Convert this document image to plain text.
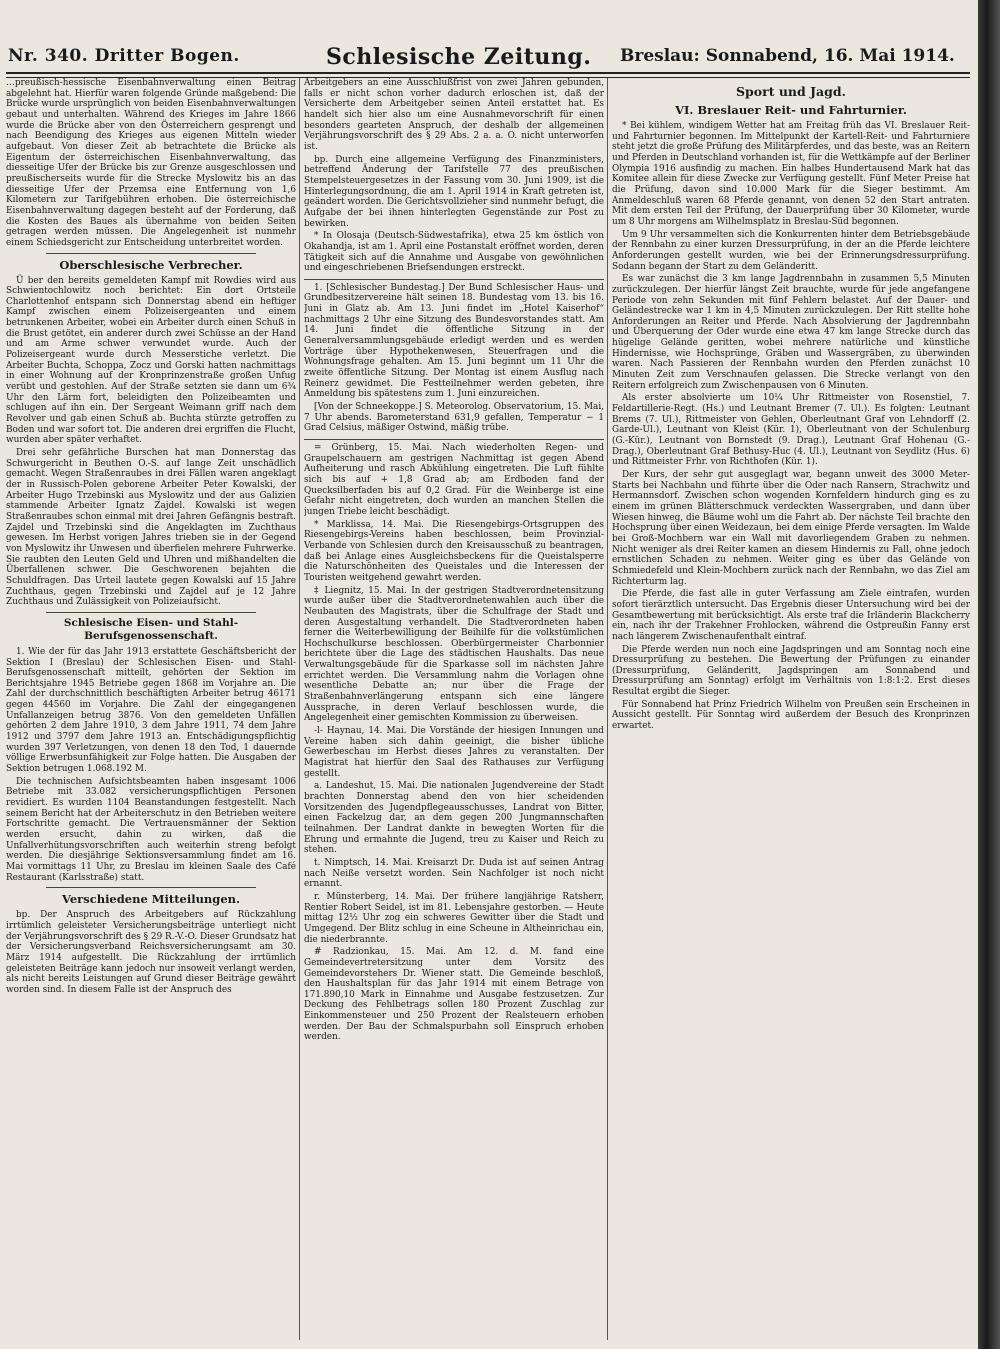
Nr. 340. Dritter Bogen.	Schlesische Zeitung. Breslau: Sonnabend, 16. Mai 1914.

…preußisch-hessische Eisenbahnverwaltung einen Beitrag abgelehnt hat. Hierfür waren folgende Gründe maßgebend: Die Brücke wurde ursprünglich von beiden Eisenbahnverwaltungen gebaut und unterhalten. Während des Krieges im Jahre 1866 wurde die Brücke aber von den Österreichern gesprengt und nach Beendigung des Krieges aus eigenen Mitteln wieder aufgebaut. Von dieser Zeit ab betrachtete die Brücke als Eigentum der österreichischen Eisenbahnverwaltung, das diesseitige Ufer der Brücke bis zur Grenze ausgeschlossen und preußischerseits wurde für die Strecke Myslowitz bis an das diesseitige Ufer der Przemsa eine Entfernung von 1,6 Kilometern zur Tarifgebühren erhoben. Die österreichische Eisenbahnverwaltung dagegen besteht auf der Forderung, daß die Kosten des Baues als übernahme von beiden Seiten getragen werden müssen. Die Angelegenheit ist nunmehr einem Schiedsgericht zur Entscheidung unterbreitet worden.

Oberschlesische Verbrecher.

Ü ber den bereits gemeldeten Kampf mit Rowdies wird aus Schwientochlowitz noch berichtet: Ein dort Ortsteile Charlottenhof entspann sich Donnerstag abend ein heftiger Kampf zwischen einem Polizeisergeanten und einem betrunkenen Arbeiter, wobei ein Arbeiter durch einen Schuß in die Brust getötet, ein anderer durch zwei Schüsse an der Hand und am Arme schwer verwundet wurde. Auch der Polizeisergeant wurde durch Messerstiche verletzt. Die Arbeiter Buchta, Schoppa, Zocz und Gorski hatten nachmittags in einer Wohnung auf der Kronprinzenstraße großen Unfug verübt und gestohlen. Auf der Straße setzten sie dann um 6¾ Uhr den Lärm fort, beleidigten den Polizeibeamten und schlugen auf ihn ein. Der Sergeant Weimann griff nach dem Revolver und gab einen Schuß ab. Buchta stürzte getroffen zu Boden und war sofort tot. Die anderen drei ergriffen die Flucht, wurden aber später verhaftet.

Drei sehr gefährliche Burschen hat man Donnerstag das Schwurgericht in Beuthen O.-S. auf lange Zeit unschädlich gemacht. Wegen Straßenraubes in drei Fällen waren angeklagt der in Russisch-Polen geborene Arbeiter Peter Kowalski, der Arbeiter Hugo Trzebinski aus Myslowitz und der aus Galizien stammende Arbeiter Ignatz Zajdel. Kowalski ist wegen Straßenraubes schon einmal mit drei Jahren Gefängnis bestraft. Zajdel und Trzebinski sind die Angeklagten im Zuchthaus gewesen. Im Herbst vorigen Jahres trieben sie in der Gegend von Myslowitz ihr Unwesen und überfielen mehrere Fuhrwerke. Sie raubten den Leuten Geld und Uhren und mißhandelten die Überfallenen schwer. Die Geschworenen bejahten die Schuldfragen. Das Urteil lautete gegen Kowalski auf 15 Jahre Zuchthaus, gegen Trzebinski und Zajdel auf je 12 Jahre Zuchthaus und Zulässigkeit von Polizeiaufsicht.

Schlesische Eisen- und Stahl-Berufsgenossenschaft.

1. Wie der für das Jahr 1913 erstattete Geschäftsbericht der Sektion I (Breslau) der Schlesischen Eisen- und Stahl-Berufsgenossenschaft mitteilt, gehörten der Sektion im Berichtsjahre 1945 Betriebe gegen 1868 im Vorjahre an. Die Zahl der durchschnittlich beschäftigten Arbeiter betrug 46171 gegen 44560 im Vorjahre. Die Zahl der eingegangenen Unfallanzeigen betrug 3876. Von den gemeldeten Unfällen gehörten 2 dem Jahre 1910, 3 dem Jahre 1911, 74 dem Jahre 1912 und 3797 dem Jahre 1913 an. Entschädigungspflichtig wurden 397 Verletzungen, von denen 18 den Tod, 1 dauernde völlige Erwerbsunfähigkeit zur Folge hatten. Die Ausgaben der Sektion betrugen 1.068.192 M.

Die technischen Aufsichtsbeamten haben insgesamt 1006 Betriebe mit 33.082 versicherungspflichtigen Personen revidiert. Es wurden 1104 Beanstandungen festgestellt. Nach seinem Bericht hat der Arbeiterschutz in den Betrieben weitere Fortschritte gemacht. Die Vertrauensmänner der Sektion werden ersucht, dahin zu wirken, daß die Unfallverhütungsvorschriften auch weiterhin streng befolgt werden. Die diesjährige Sektionsversammlung findet am 16. Mai vormittags 11 Uhr, zu Breslau im kleinen Saale des Café Restaurant (Karlsstraße) statt.

Verschiedene Mitteilungen.

bp. Der Anspruch des Arbeitgebers auf Rückzahlung irrtümlich geleisteter Versicherungsbeiträge unterliegt nicht der Verjährungsvorschrift des § 29 R.-V.-O. Dieser Grundsatz hat der Versicherungsverband Reichsversicherungsamt am 30. März 1914 aufgestellt. Die Rückzahlung der irrtümlich geleisteten Beiträge kann jedoch nur insoweit verlangt werden, als nicht bereits Leistungen auf Grund dieser Beiträge gewährt worden sind. In diesem Falle ist der Anspruch des

Arbeitgebers an eine Ausschlußfrist von zwei Jahren gebunden, falls er nicht schon vorher dadurch erloschen ist, daß der Versicherte dem Arbeitgeber seinen Anteil erstattet hat. Es handelt sich hier also um eine Ausnahmevorschrift für einen besonders gearteten Anspruch, der deshalb der allgemeinen Verjährungsvorschrift des § 29 Abs. 2 a. a. O. nicht unterworfen ist.

bp. Durch eine allgemeine Verfügung des Finanzministers, betreffend Änderung der Tarifstelle 77 des preußischen Stempelsteuergesetzes in der Fassung vom 30. Juni 1909, ist die Hinterlegungsordnung, die am 1. April 1914 in Kraft getreten ist, geändert worden. Die Gerichtsvollzieher sind nunmehr befugt, die Aufgabe der bei ihnen hinterlegten Gegenstände zur Post zu bewirken.

* In Olosaja (Deutsch-Südwestafrika), etwa 25 km östlich von Okahandja, ist am 1. April eine Postanstalt eröffnet worden, deren Tätigkeit sich auf die Annahme und Ausgabe von gewöhnlichen und eingeschriebenen Briefsendungen erstreckt.

1. [Schlesischer Bundestag.] Der Bund Schlesischer Haus- und Grundbesitzervereine hält seinen 18. Bundestag vom 13. bis 16. Juni in Glatz ab. Am 13. Juni findet im „Hotel Kaiserhof“ nachmittags 2 Uhr eine Sitzung des Bundesvorstandes statt. Am 14. Juni findet die öffentliche Sitzung in der Generalversammlungsgebäude erledigt werden und es werden Vorträge über Hypothekenwesen, Steuerfragen und die Wohnungsfrage gehalten. Am 15. Juni beginnt um 11 Uhr die zweite öffentliche Sitzung. Der Montag ist einem Ausflug nach Reinerz gewidmet. Die Festteilnehmer werden gebeten, ihre Anmeldung bis spätestens zum 1. Juni einzureichen.

[Von der Schneekoppe.] S. Meteorolog. Observatorium, 15. Mai, 7 Uhr abends. Barometerstand 631,9 gefallen, Temperatur − 1 Grad Celsius, mäßiger Ostwind, mäßig trübe.

= Grünberg, 15. Mai. Nach wiederholten Regen- und Graupelschauern am gestrigen Nachmittag ist gegen Abend Aufheiterung und rasch Abkühlung eingetreten. Die Luft fühlte sich bis auf + 1,8 Grad ab; am Erdboden fand der Quecksilberfaden bis auf 0,2 Grad. Für die Weinberge ist eine Gefahr nicht eingetreten, doch wurden an manchen Stellen die jungen Triebe leicht beschädigt.

* Marklissa, 14. Mai. Die Riesengebirgs-Ortsgruppen des Riesengebirgs-Vereins haben beschlossen, beim Provinzial-Verbande von Schlesien durch den Kreisausschuß zu beantragen, daß bei Anlage eines Ausgleichsbeckens für die Queistalsperre die Naturschönheiten des Queistales und die Interessen der Touristen weitgehend gewahrt werden.

‡ Liegnitz, 15. Mai. In der gestrigen Stadtverordnetensitzung wurde außer über die Stadtverordnetenwahlen auch über die Neubauten des Magistrats, über die Schulfrage der Stadt und deren Ausgestaltung verhandelt. Die Stadtverordneten haben ferner die Weiterbewilligung der Beihilfe für die volkstümlichen Hochschulkurse beschlossen. Oberbürgermeister Charbonnier berichtete über die Lage des städtischen Haushalts. Das neue Verwaltungsgebäude für die Sparkasse soll im nächsten Jahre errichtet werden. Die Versammlung nahm die Vorlagen ohne wesentliche Debatte an; nur über die Frage der Straßenbahnverlängerung entspann sich eine längere Aussprache, in deren Verlauf beschlossen wurde, die Angelegenheit einer gemischten Kommission zu überweisen.

-l- Haynau, 14. Mai. Die Vorstände der hiesigen Innungen und Vereine haben sich dahin geeinigt, die bisher übliche Gewerbeschau im Herbst dieses Jahres zu veranstalten. Der Magistrat hat hierfür den Saal des Rathauses zur Verfügung gestellt.

a. Landeshut, 15. Mai. Die nationalen Jugendvereine der Stadt brachten Donnerstag abend den von hier scheidenden Vorsitzenden des Jugendpflegeausschusses, Landrat von Bitter, einen Fackelzug dar, an dem gegen 200 Jungmannschaften teilnahmen. Der Landrat dankte in bewegten Worten für die Ehrung und ermahnte die Jugend, treu zu Kaiser und Reich zu stehen.

t. Nimptsch, 14. Mai. Kreisarzt Dr. Duda ist auf seinen Antrag nach Neiße versetzt worden. Sein Nachfolger ist noch nicht ernannt.

r. Münsterberg, 14. Mai. Der frühere langjährige Ratsherr, Rentier Robert Seidel, ist im 81. Lebensjahre gestorben. — Heute mittag 12½ Uhr zog ein schweres Gewitter über die Stadt und Umgegend. Der Blitz schlug in eine Scheune in Altheinrichau ein, die niederbrannte.

# Radzionkau, 15. Mai. Am 12. d. M. fand eine Gemeindevertretersitzung unter dem Vorsitz des Gemeindevorstehers Dr. Wiener statt. Die Gemeinde beschloß, den Haushaltsplan für das Jahr 1914 mit einem Betrage von 171.890,10 Mark in Einnahme und Ausgabe festzusetzen. Zur Deckung des Fehlbetrags sollen 180 Prozent Zuschlag zur Einkommensteuer und 250 Prozent der Realsteuern erhoben werden. Der Bau der Schmalspurbahn soll Einspruch erhoben werden.

Sport und Jagd.
VI. Breslauer Reit- und Fahrturnier.

* Bei kühlem, windigem Wetter hat am Freitag früh das VI. Breslauer Reit- und Fahrturnier begonnen. Im Mittelpunkt der Kartell-Reit- und Fahrturniere steht jetzt die große Prüfung des Militärpferdes, und das beste, was an Reitern und Pferden in Deutschland vorhanden ist, für die Wettkämpfe auf der Berliner Olympia 1916 ausfindig zu machen. Ein halbes Hundertausend Mark hat das Komitee allein für diese Zwecke zur Verfügung gestellt. Fünf Meter Preise hat die Prüfung, davon sind 10.000 Mark für die Sieger bestimmt. Am Anmeldeschluß waren 68 Pferde genannt, von denen 52 den Start antraten. Mit dem ersten Teil der Prüfung, der Dauerprüfung über 30 Kilometer, wurde um 8 Uhr morgens am Wilhelmsplatz in Breslau-Süd begonnen.

Um 9 Uhr versammelten sich die Konkurrenten hinter dem Betriebsgebäude der Rennbahn zu einer kurzen Dressurprüfung, in der an die Pferde leichtere Anforderungen gestellt wurden, wie bei der Erinnerungsdressurprüfung. Sodann begann der Start zu dem Geländeritt.

Es war zunächst die 3 km lange Jagdrennbahn in zusammen 5,5 Minuten zurückzulegen. Der hierfür längst Zeit brauchte, wurde für jede angefangene Periode von zehn Sekunden mit fünf Fehlern belastet. Auf der Dauer- und Geländestrecke war 1 km in 4,5 Minuten zurückzulegen. Der Ritt stellte hohe Anforderungen an Reiter und Pferde. Nach Absolvierung der Jagdrennbahn und Überquerung der Oder wurde eine etwa 47 km lange Strecke durch das hügelige Gelände geritten, wobei mehrere natürliche und künstliche Hindernisse, wie Hochsprünge, Gräben und Wassergräben, zu überwinden waren. Nach Passieren der Rennbahn wurden den Pferden zunächst 10 Minuten Zeit zum Verschnaufen gelassen. Die Strecke verlangt von den Reitern erfolgreich zum Zwischenpausen von 6 Minuten.

Als erster absolvierte um 10¼ Uhr Rittmeister von Rosenstiel, 7. Feldartillerie-Regt. (Hs.) und Leutnant Bremer (7. Ul.). Es folgten: Leutnant Brems (7. Ul.), Rittmeister von Gehlen, Oberleutnant Graf von Lehndorff (2. Garde-Ul.), Leutnant von Kleist (Kür. 1), Oberleutnant von der Schulenburg (G.-Kür.), Leutnant von Bornstedt (9. Drag.), Leutnant Graf Hohenau (G.-Drag.), Oberleutnant Graf Bethusy-Huc (4. Ul.), Leutnant von Seydlitz (Hus. 6) und Rittmeister Frhr. von Richthofen (Kür. 1).

Der Kurs, der sehr gut ausgeglagt war, begann unweit des 3000 Meter-Starts bei Nachbahn und führte über die Oder nach Ransern, Strachwitz und Hermannsdorf. Zwischen schon wogenden Kornfeldern hindurch ging es zu einem im grünen Blätterschmuck verdeckten Wassergraben, und dann über Wiesen hinweg, die Bäume wohl um die Fahrt ab. Der nächste Teil brachte den Hochsprung über einen Weidezaun, bei dem einige Pferde versagten. Im Walde bei Groß-Mochbern war ein Wall mit davorliegendem Graben zu nehmen. Nicht weniger als drei Reiter kamen an diesem Hindernis zu Fall, ohne jedoch ernstlichen Schaden zu nehmen. Weiter ging es über das Gelände von Schmiedefeld und Klein-Mochbern zurück nach der Rennbahn, wo das Ziel am Richterturm lag.

Die Pferde, die fast alle in guter Verfassung am Ziele eintrafen, wurden sofort tierärztlich untersucht. Das Ergebnis dieser Untersuchung wird bei der Gesamtbewertung mit berücksichtigt. Als erste traf die Irländerin Blackcherry ein, nach ihr der Trakehner Frohlocken, während die Ostpreußin Fanny erst nach längerem Zwischenaufenthalt eintraf.

Die Pferde werden nun noch eine Jagdspringen und am Sonntag noch eine Dressurprüfung zu bestehen. Die Bewertung der Prüfungen zu einander (Dressurprüfung, Geländeritt, Jagdspringen am Sonnabend und Dressurprüfung am Sonntag) erfolgt im Verhältnis von 1:8:1:2. Erst dieses Resultat ergibt die Sieger.

Für Sonnabend hat Prinz Friedrich Wilhelm von Preußen sein Erscheinen in Aussicht gestellt. Für Sonntag wird außerdem der Besuch des Kronprinzen erwartet.
